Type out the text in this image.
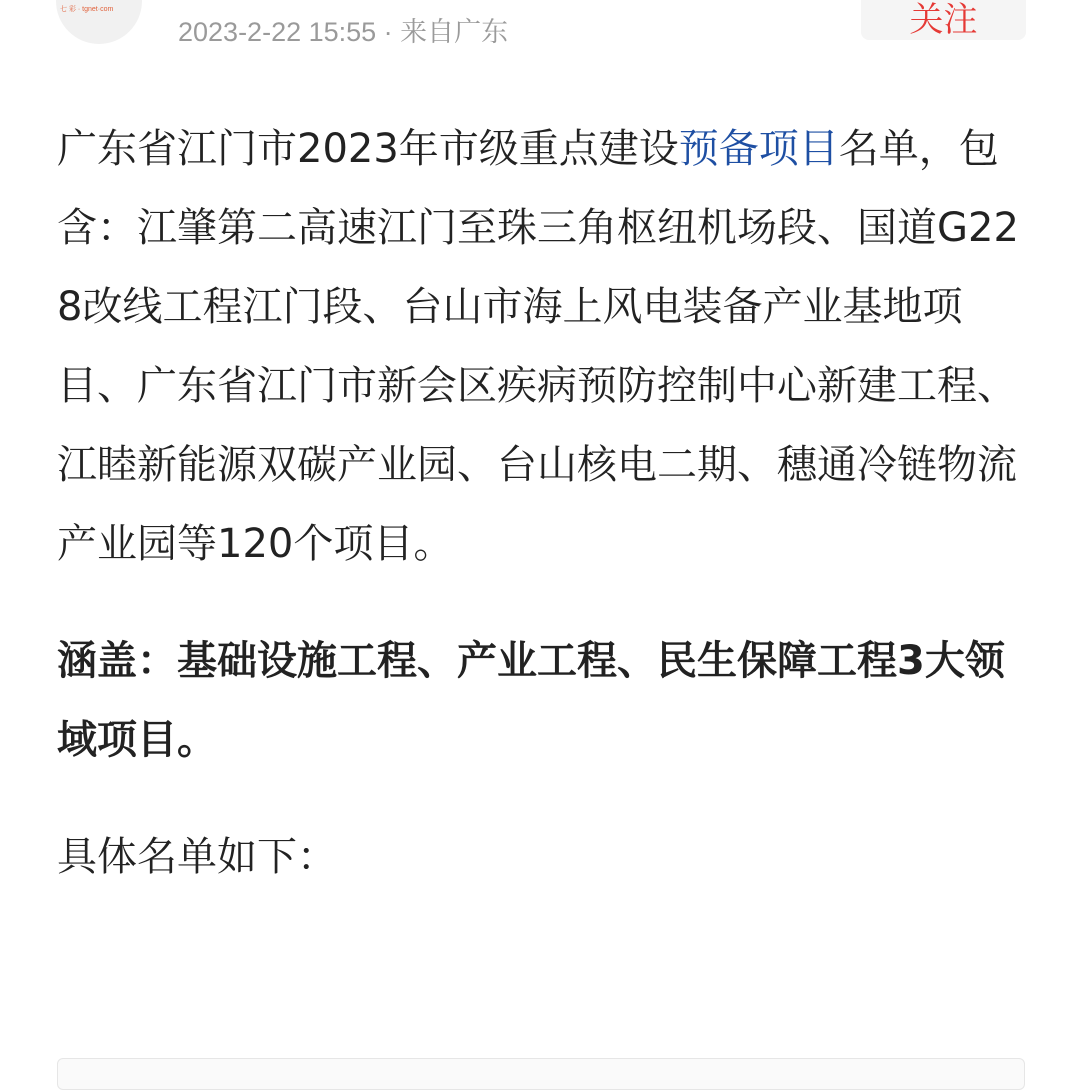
七 彩 · tgnet·com
2023-2-22 15:55 · 来自广东	关注

广东省江门市2023年市级重点建设预备项目名单，包含：江肇第二高速江门至珠三角枢纽机场段、国道G228改线工程江门段、台山市海上风电装备产业基地项目、广东省江门市新会区疾病预防控制中心新建工程、江睦新能源双碳产业园、台山核电二期、穗通冷链物流产业园等120个项目。

涵盖：基础设施工程、产业工程、民生保障工程3大领域项目。

具体名单如下：
